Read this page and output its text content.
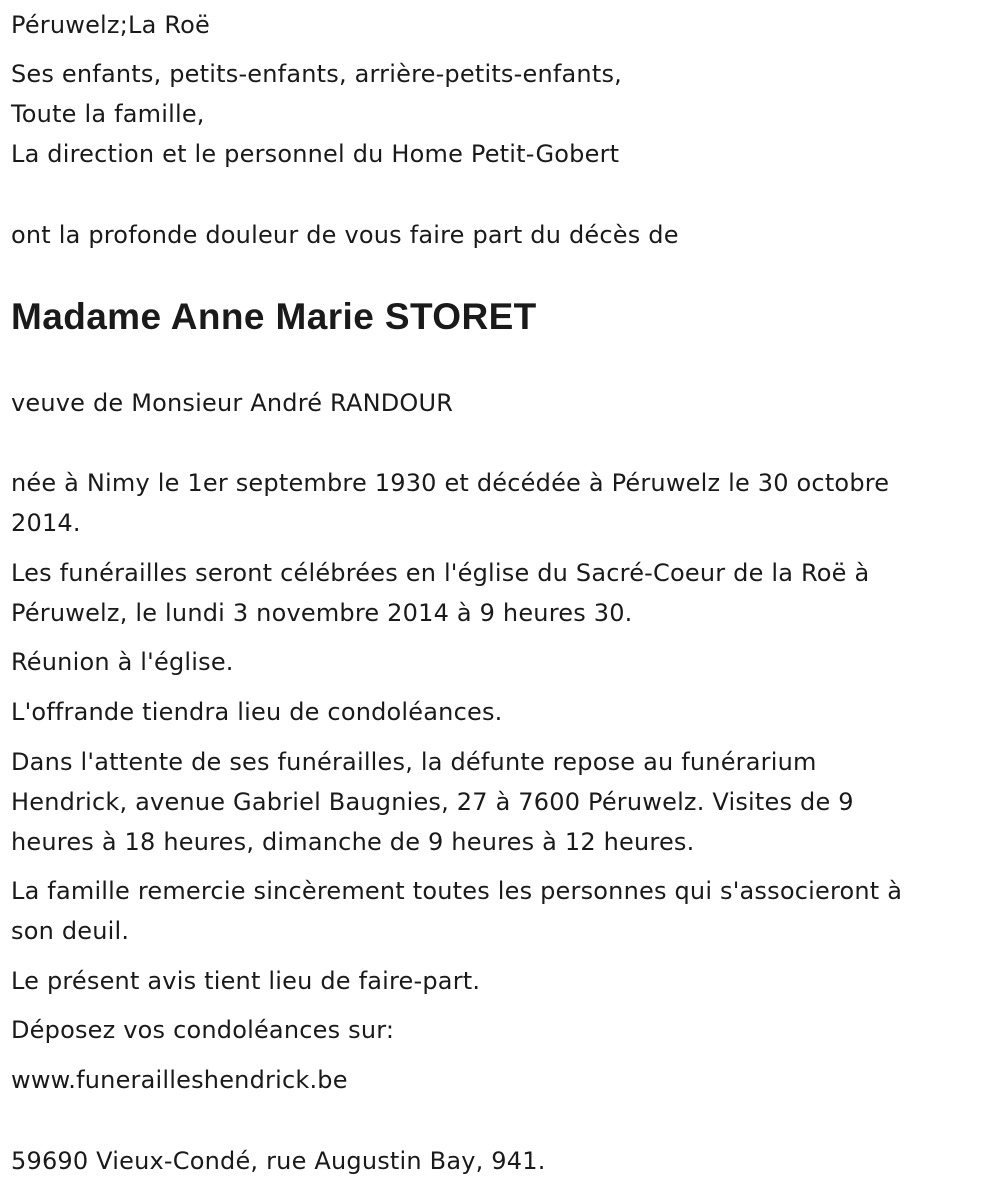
Péruwelz;La Roë
Ses enfants, petits-enfants, arrière-petits-enfants,
Toute la famille,
La direction et le personnel du Home Petit-Gobert
ont la profonde douleur de vous faire part du décès de
Madame Anne Marie STORET
veuve de Monsieur André RANDOUR
née à Nimy le 1er septembre 1930 et décédée à Péruwelz le 30 octobre
2014.
Les funérailles seront célébrées en l'église du Sacré-Coeur de la Roë à
Péruwelz, le lundi 3 novembre 2014 à 9 heures 30.
Réunion à l'église.
L'offrande tiendra lieu de condoléances.
Dans l'attente de ses funérailles, la défunte repose au funérarium
Hendrick, avenue Gabriel Baugnies, 27 à 7600 Péruwelz. Visites de 9
heures à 18 heures, dimanche de 9 heures à 12 heures.
La famille remercie sincèrement toutes les personnes qui s'associeront à
son deuil.
Le présent avis tient lieu de faire-part.
Déposez vos condoléances sur:
www.funerailleshendrick.be
59690 Vieux-Condé, rue Augustin Bay, 941.
